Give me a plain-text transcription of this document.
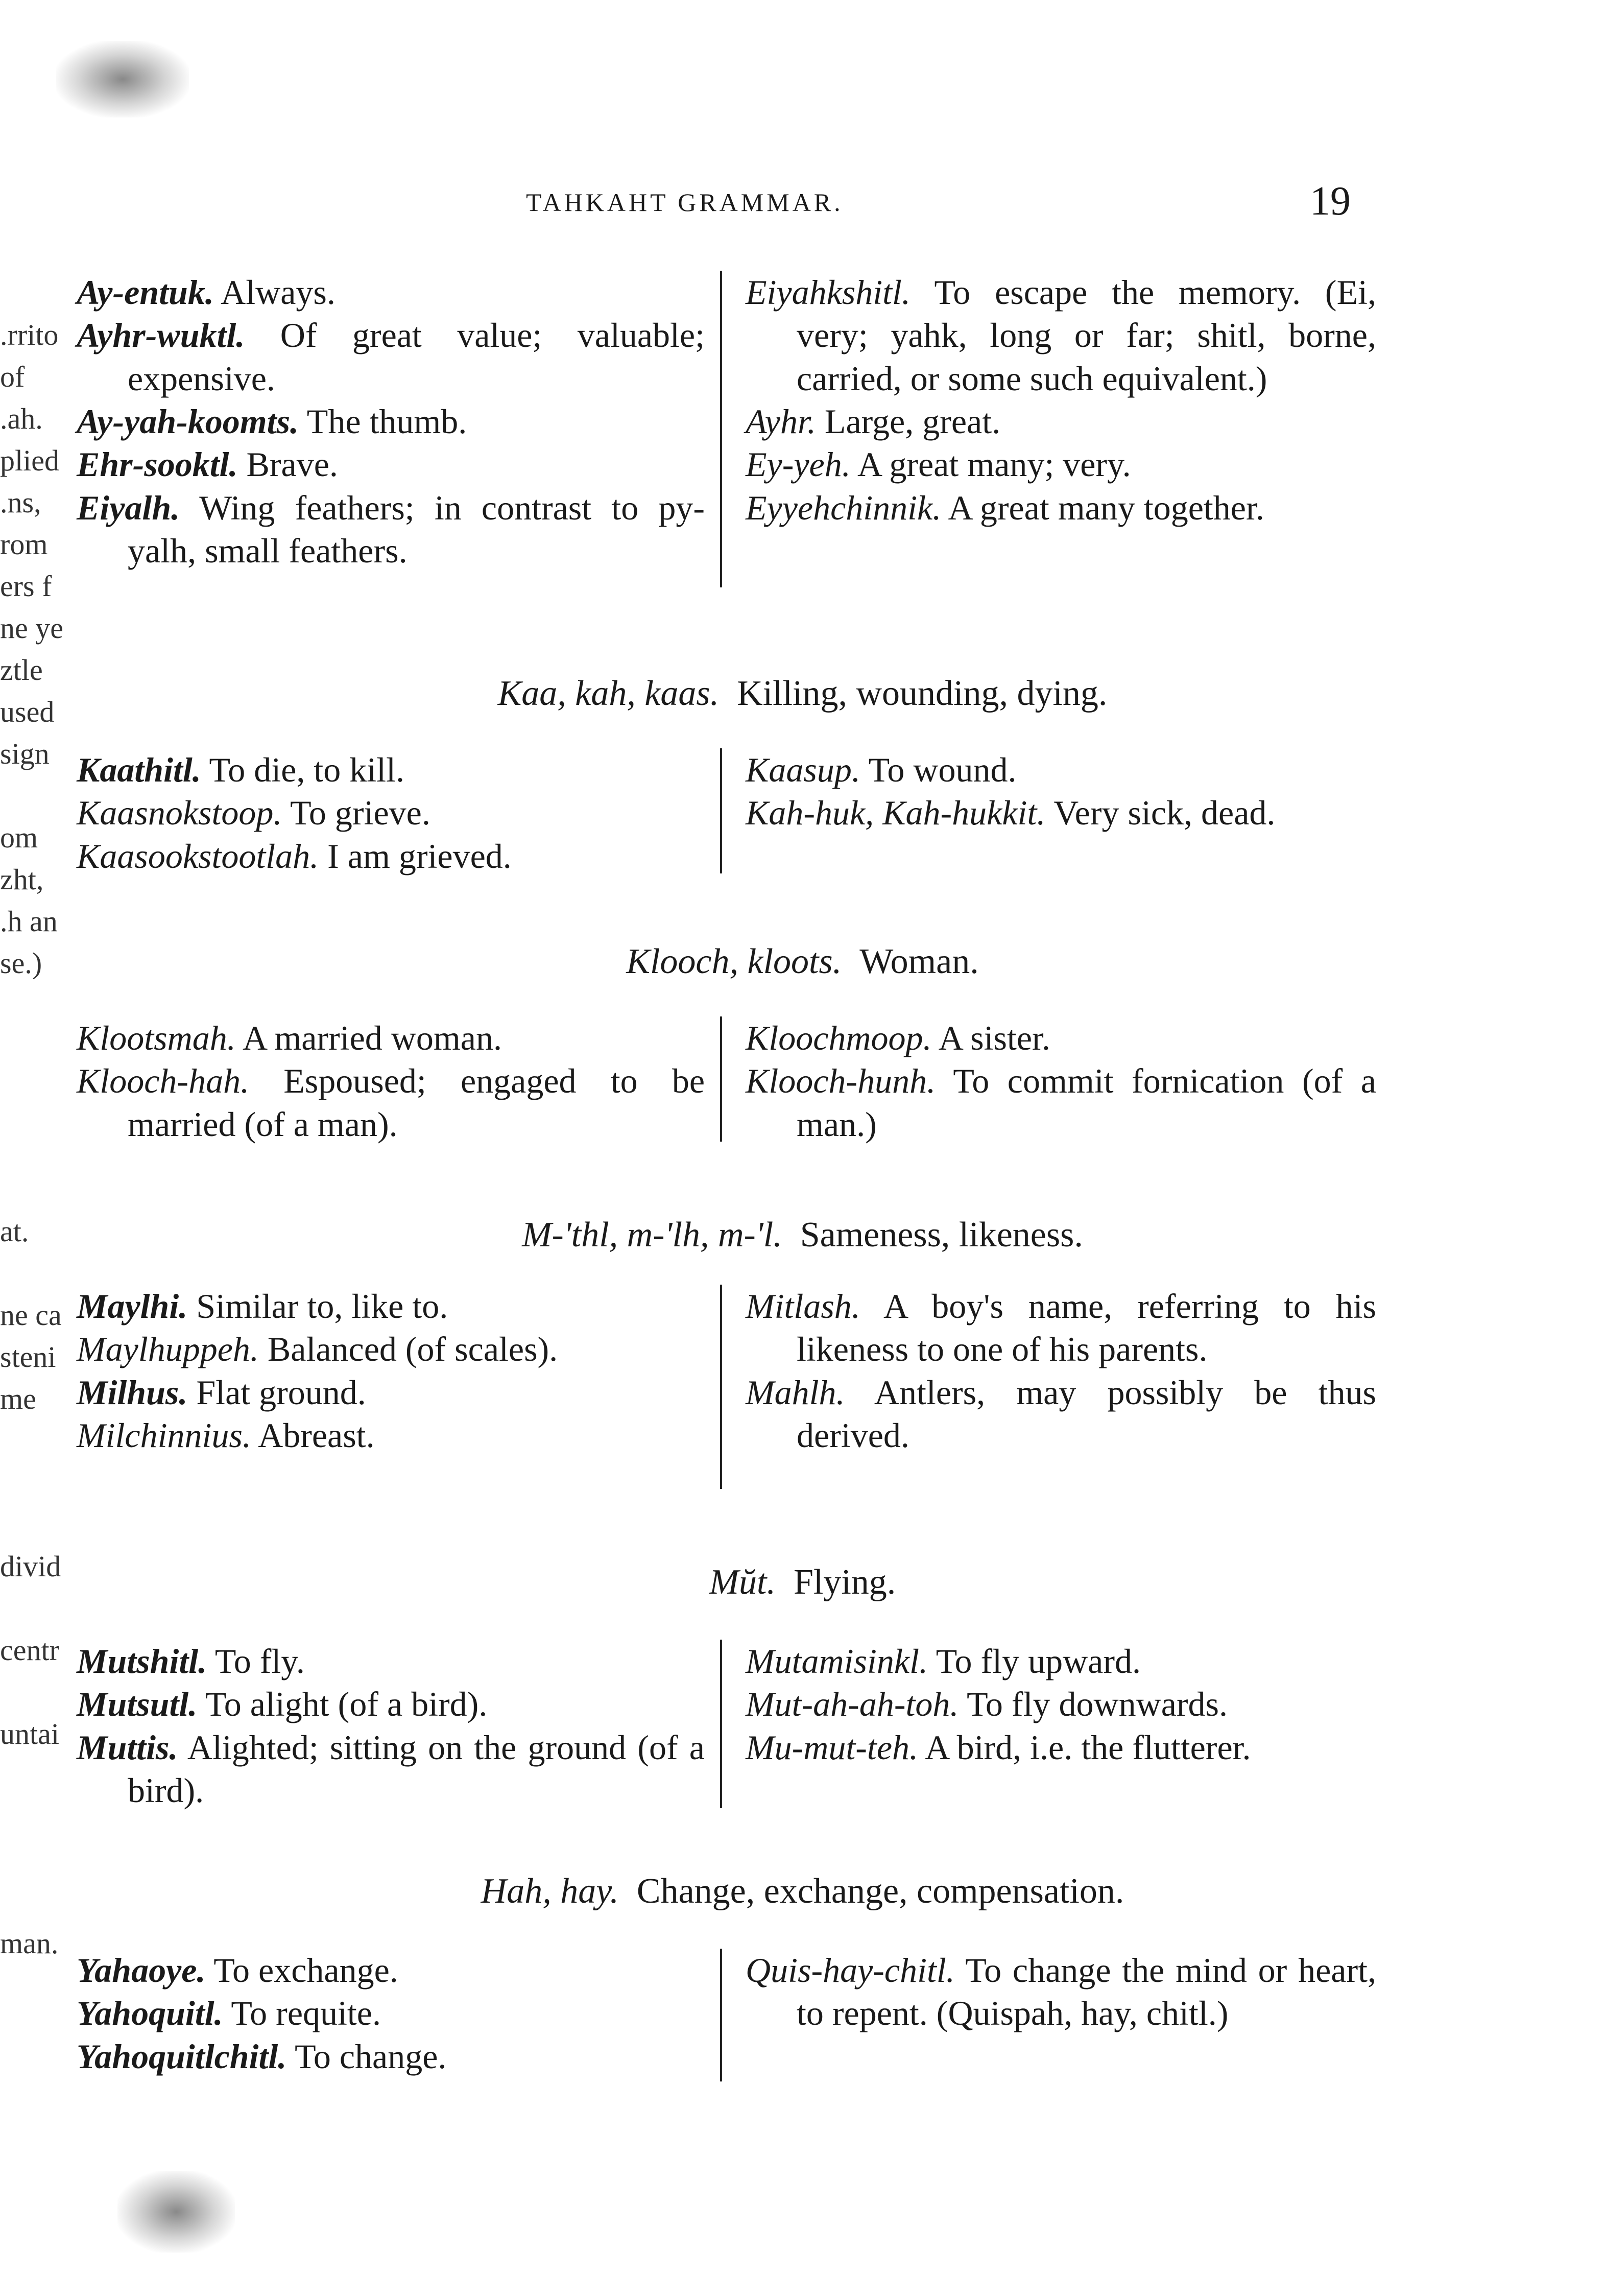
TAHKAHT GRAMMAR.	19

Ay-entuk. Always.

Ayhr-wuktl. Of great value; valuable; expensive.

Ay-yah-koomts. The thumb.

Ehr-sooktl. Brave.

Eiyalh. Wing feathers; in contrast to py-yalh, small feathers.

Eiyahkshitl. To escape the memory. (Ei, very; yahk, long or far; shitl, borne, carried, or some such equivalent.)

Ayhr. Large, great.

Ey-yeh. A great many; very.

Eyyehchinnik. A great many together.

Kaa, kah, kaas. Killing, wounding, dying.

Kaathitl. To die, to kill.

Kaasnokstoop. To grieve.

Kaasookstootlah. I am grieved.

Kaasup. To wound.

Kah-huk, Kah-hukkit. Very sick, dead.

Klooch, kloots. Woman.

Klootsmah. A married woman.

Klooch-hah. Espoused; engaged to be married (of a man).

Kloochmoop. A sister.

Klooch-hunh. To commit fornication (of a man.)

M-'thl, m-'lh, m-'l. Sameness, likeness.

Maylhi. Similar to, like to.

Maylhuppeh. Balanced (of scales).

Milhus. Flat ground.

Milchinnius. Abreast.

Mitlash. A boy's name, referring to his likeness to one of his parents.

Mahlh. Antlers, may possibly be thus derived.

Mŭt. Flying.

Mutshitl. To fly.

Mutsutl. To alight (of a bird).

Muttis. Alighted; sitting on the ground (of a bird).

Mutamisinkl. To fly upward.

Mut-ah-ah-toh. To fly downwards.

Mu-mut-teh. A bird, i.e. the flutterer.

Hah, hay. Change, exchange, compensation.

Yahaoye. To exchange.

Yahoquitl. To requite.

Yahoquitlchitl. To change.

Quis-hay-chitl. To change the mind or heart, to repent. (Quispah, hay, chitl.)

.rrito
of
.ah.
plied
.ns,
rom
ers f
ne ye
ztle
used
sign
om
zht,
.h an
se.)
at.
ne ca
steni
me
divid
centr
untai
man.
